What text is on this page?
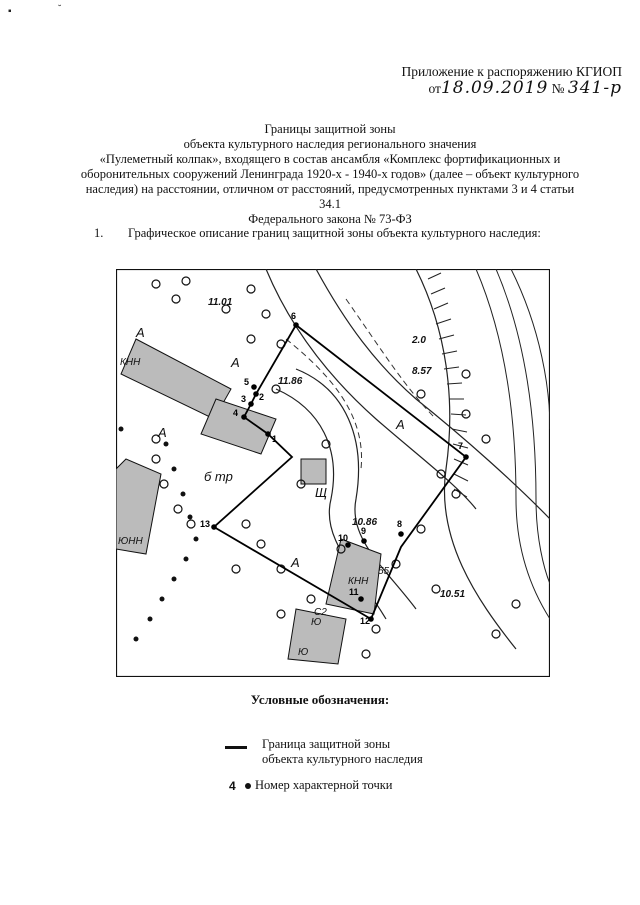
▪	˘
Приложение к распоряжению КГИОП
от18.09.2019 № 341-р
Границы защитной зоны
объекта культурного наследия регионального значения
«Пулеметный колпак», входящего в состав ансамбля «Комплекс фортификационных и
оборонительных сооружений Ленинграда 1920-х - 1940-х годов» (далее – объект культурного
наследия) на расстоянии, отличном от расстояний, предусмотренных пунктами 3 и 4 статьи 34.1
Федерального закона № 73-ФЗ
1. Графическое описание границ защитной зоны объекта культурного наследия:
1
2
3
4
5
6
7
8
9
10
11
12
13
11.01
11.86
2.0
8.57
10.86
10.51
А
А
А
А
А
б тр
Щ
КНН
ЮНН
КНН
Ю
С2
Ю
55
Условные обозначения:
Граница защитной зоны
объекта культурного наследия
4 Номер характерной точки
